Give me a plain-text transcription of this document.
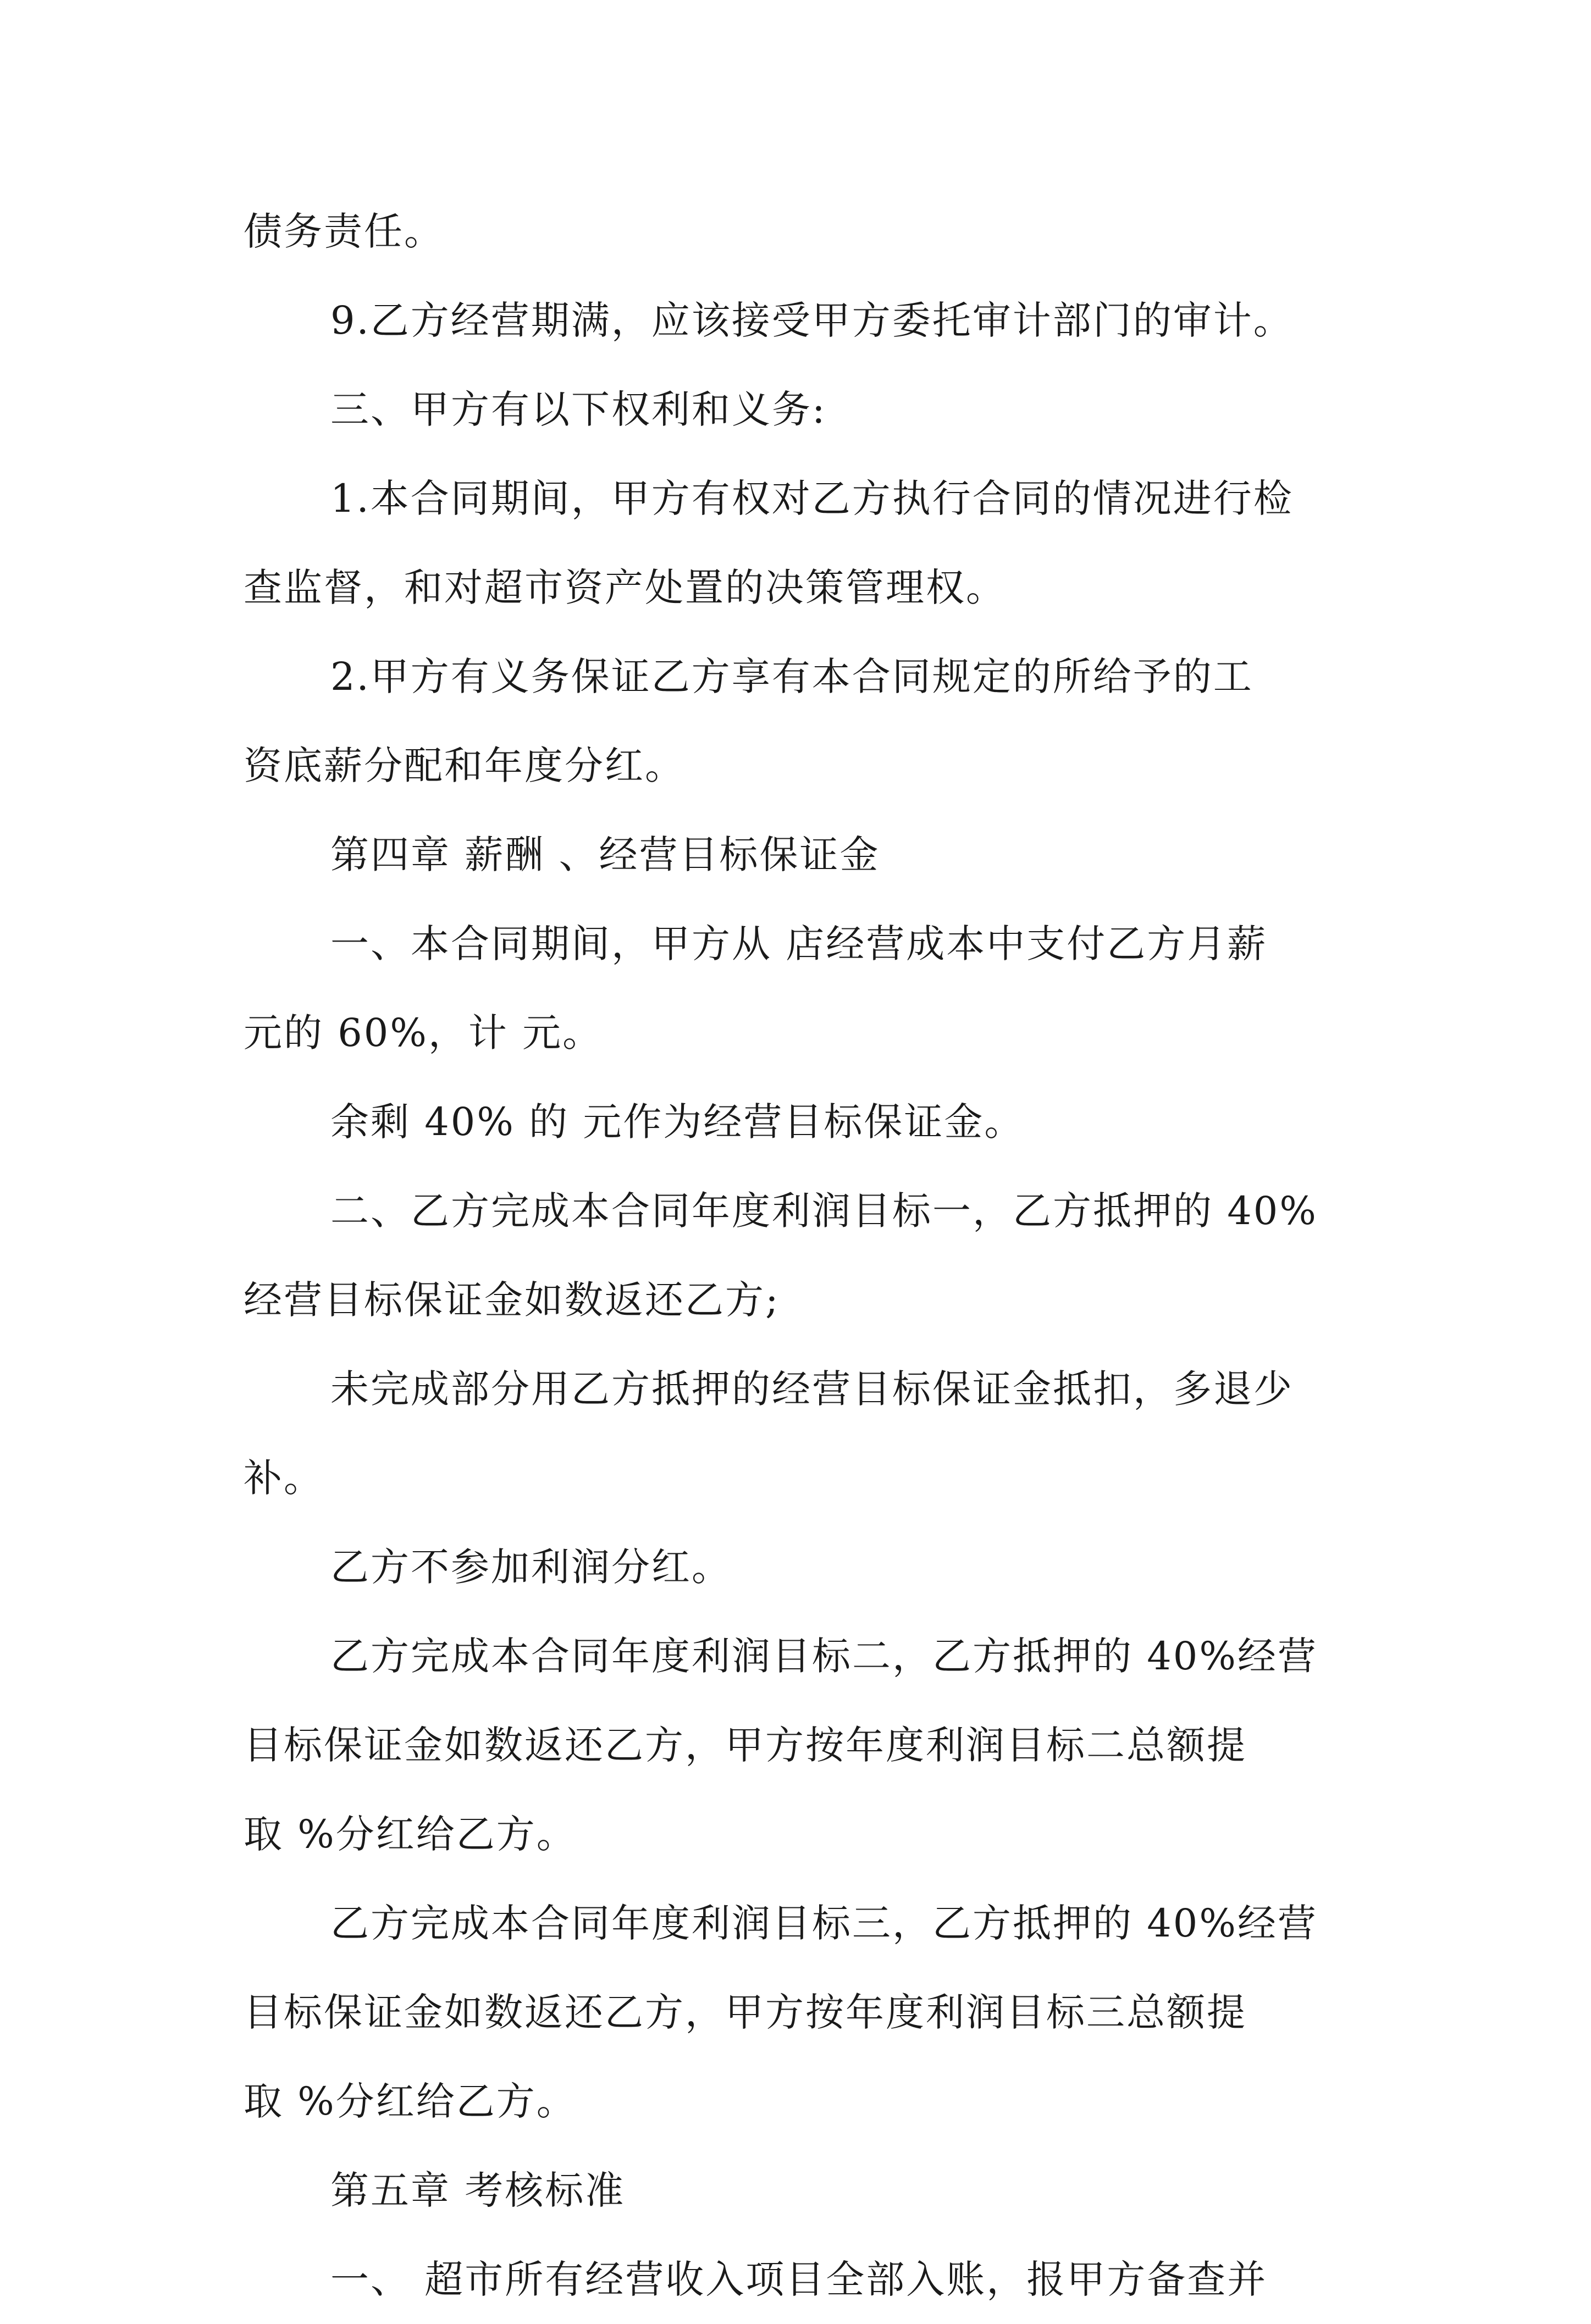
债务责任。

9.乙方经营期满，应该接受甲方委托审计部门的审计。

三、甲方有以下权利和义务:

1.本合同期间，甲方有权对乙方执行合同的情况进行检

查监督，和对超市资产处置的决策管理权。

2.甲方有义务保证乙方享有本合同规定的所给予的工

资底薪分配和年度分红。

第四章 薪酬 、经营目标保证金

一、本合同期间，甲方从 店经营成本中支付乙方月薪

元的 60%，计 元。

余剩 40% 的 元作为经营目标保证金。

二、乙方完成本合同年度利润目标一，乙方抵押的 40%

经营目标保证金如数返还乙方;

未完成部分用乙方抵押的经营目标保证金抵扣，多退少

补。

乙方不参加利润分红。

乙方完成本合同年度利润目标二，乙方抵押的 40%经营

目标保证金如数返还乙方，甲方按年度利润目标二总额提

取 %分红给乙方。

乙方完成本合同年度利润目标三，乙方抵押的 40%经营

目标保证金如数返还乙方，甲方按年度利润目标三总额提

取 %分红给乙方。

第五章 考核标准

一、 超市所有经营收入项目全部入账，报甲方备查并
